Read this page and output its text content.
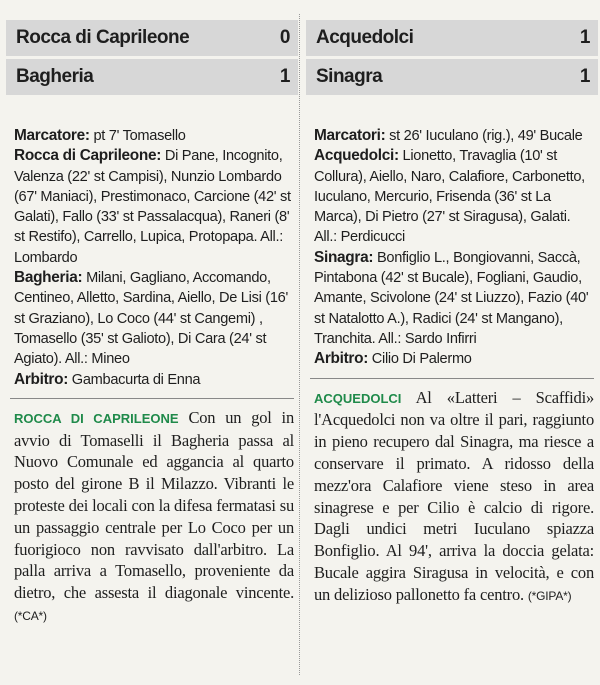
Rocca di Caprileone	0
Bagheria	1

Marcatore: pt 7' Tomasello

Rocca di Caprileone: Di Pane, Incognito, Valenza (22' st Campisi), Nunzio Lombardo (67' Maniaci), Prestimonaco, Carcione (42' st Galati), Fallo (33' st Passalacqua), Raneri (8' st Restifo), Carrello, Lupica, Protopapa. All.: Lombardo

Bagheria: Milani, Gagliano, Accomando, Centineo, Alletto, Sardina, Aiello, De Lisi (16' st Graziano), Lo Coco (44' st Cangemi) , Tomasello (35' st Galioto), Di Cara (24' st Agiato). All.: Mineo

Arbitro: Gambacurta di Enna

ROCCA DI CAPRILEONE Con un gol in avvio di Tomaselli il Bagheria passa al Nuovo Comunale ed aggancia al quarto posto del girone B il Milazzo. Vibranti le proteste dei locali con la difesa fermatasi su un passaggio centrale per Lo Coco per un fuorigioco non ravvisato dall'arbitro. La palla arriva a Tomasello, proveniente da dietro, che assesta il diagonale vincente. (*CA*)
Acquedolci	1
Sinagra	1

Marcatori: st 26' Iuculano (rig.), 49' Bucale

Acquedolci: Lionetto, Travaglia (10' st Collura), Aiello, Naro, Calafiore, Carbonetto, Iuculano, Mercurio, Frisenda (36' st La Marca), Di Pietro (27' st Siragusa), Galati. All.: Perdicucci

Sinagra: Bonfiglio L., Bongiovanni, Saccà, Pintabona (42' st Bucale), Fogliani, Gaudio, Amante, Scivolone (24' st Liuzzo), Fazio (40' st Natalotto A.), Radici (24' st Mangano), Tranchita. All.: Sardo Infirri

Arbitro: Cilio Di Palermo

ACQUEDOLCI Al «Latteri – Scaffidi» l'Acquedolci non va oltre il pari, raggiunto in pieno recupero dal Sinagra, ma riesce a conservare il primato. A ridosso della mezz'ora Calafiore viene steso in area sinagrese e per Cilio è calcio di rigore. Dagli undici metri Iuculano spiazza Bonfiglio. Al 94', arriva la doccia gelata: Bucale aggira Siragusa in velocità, e con un delizioso pallonetto fa centro. (*GIPA*)
